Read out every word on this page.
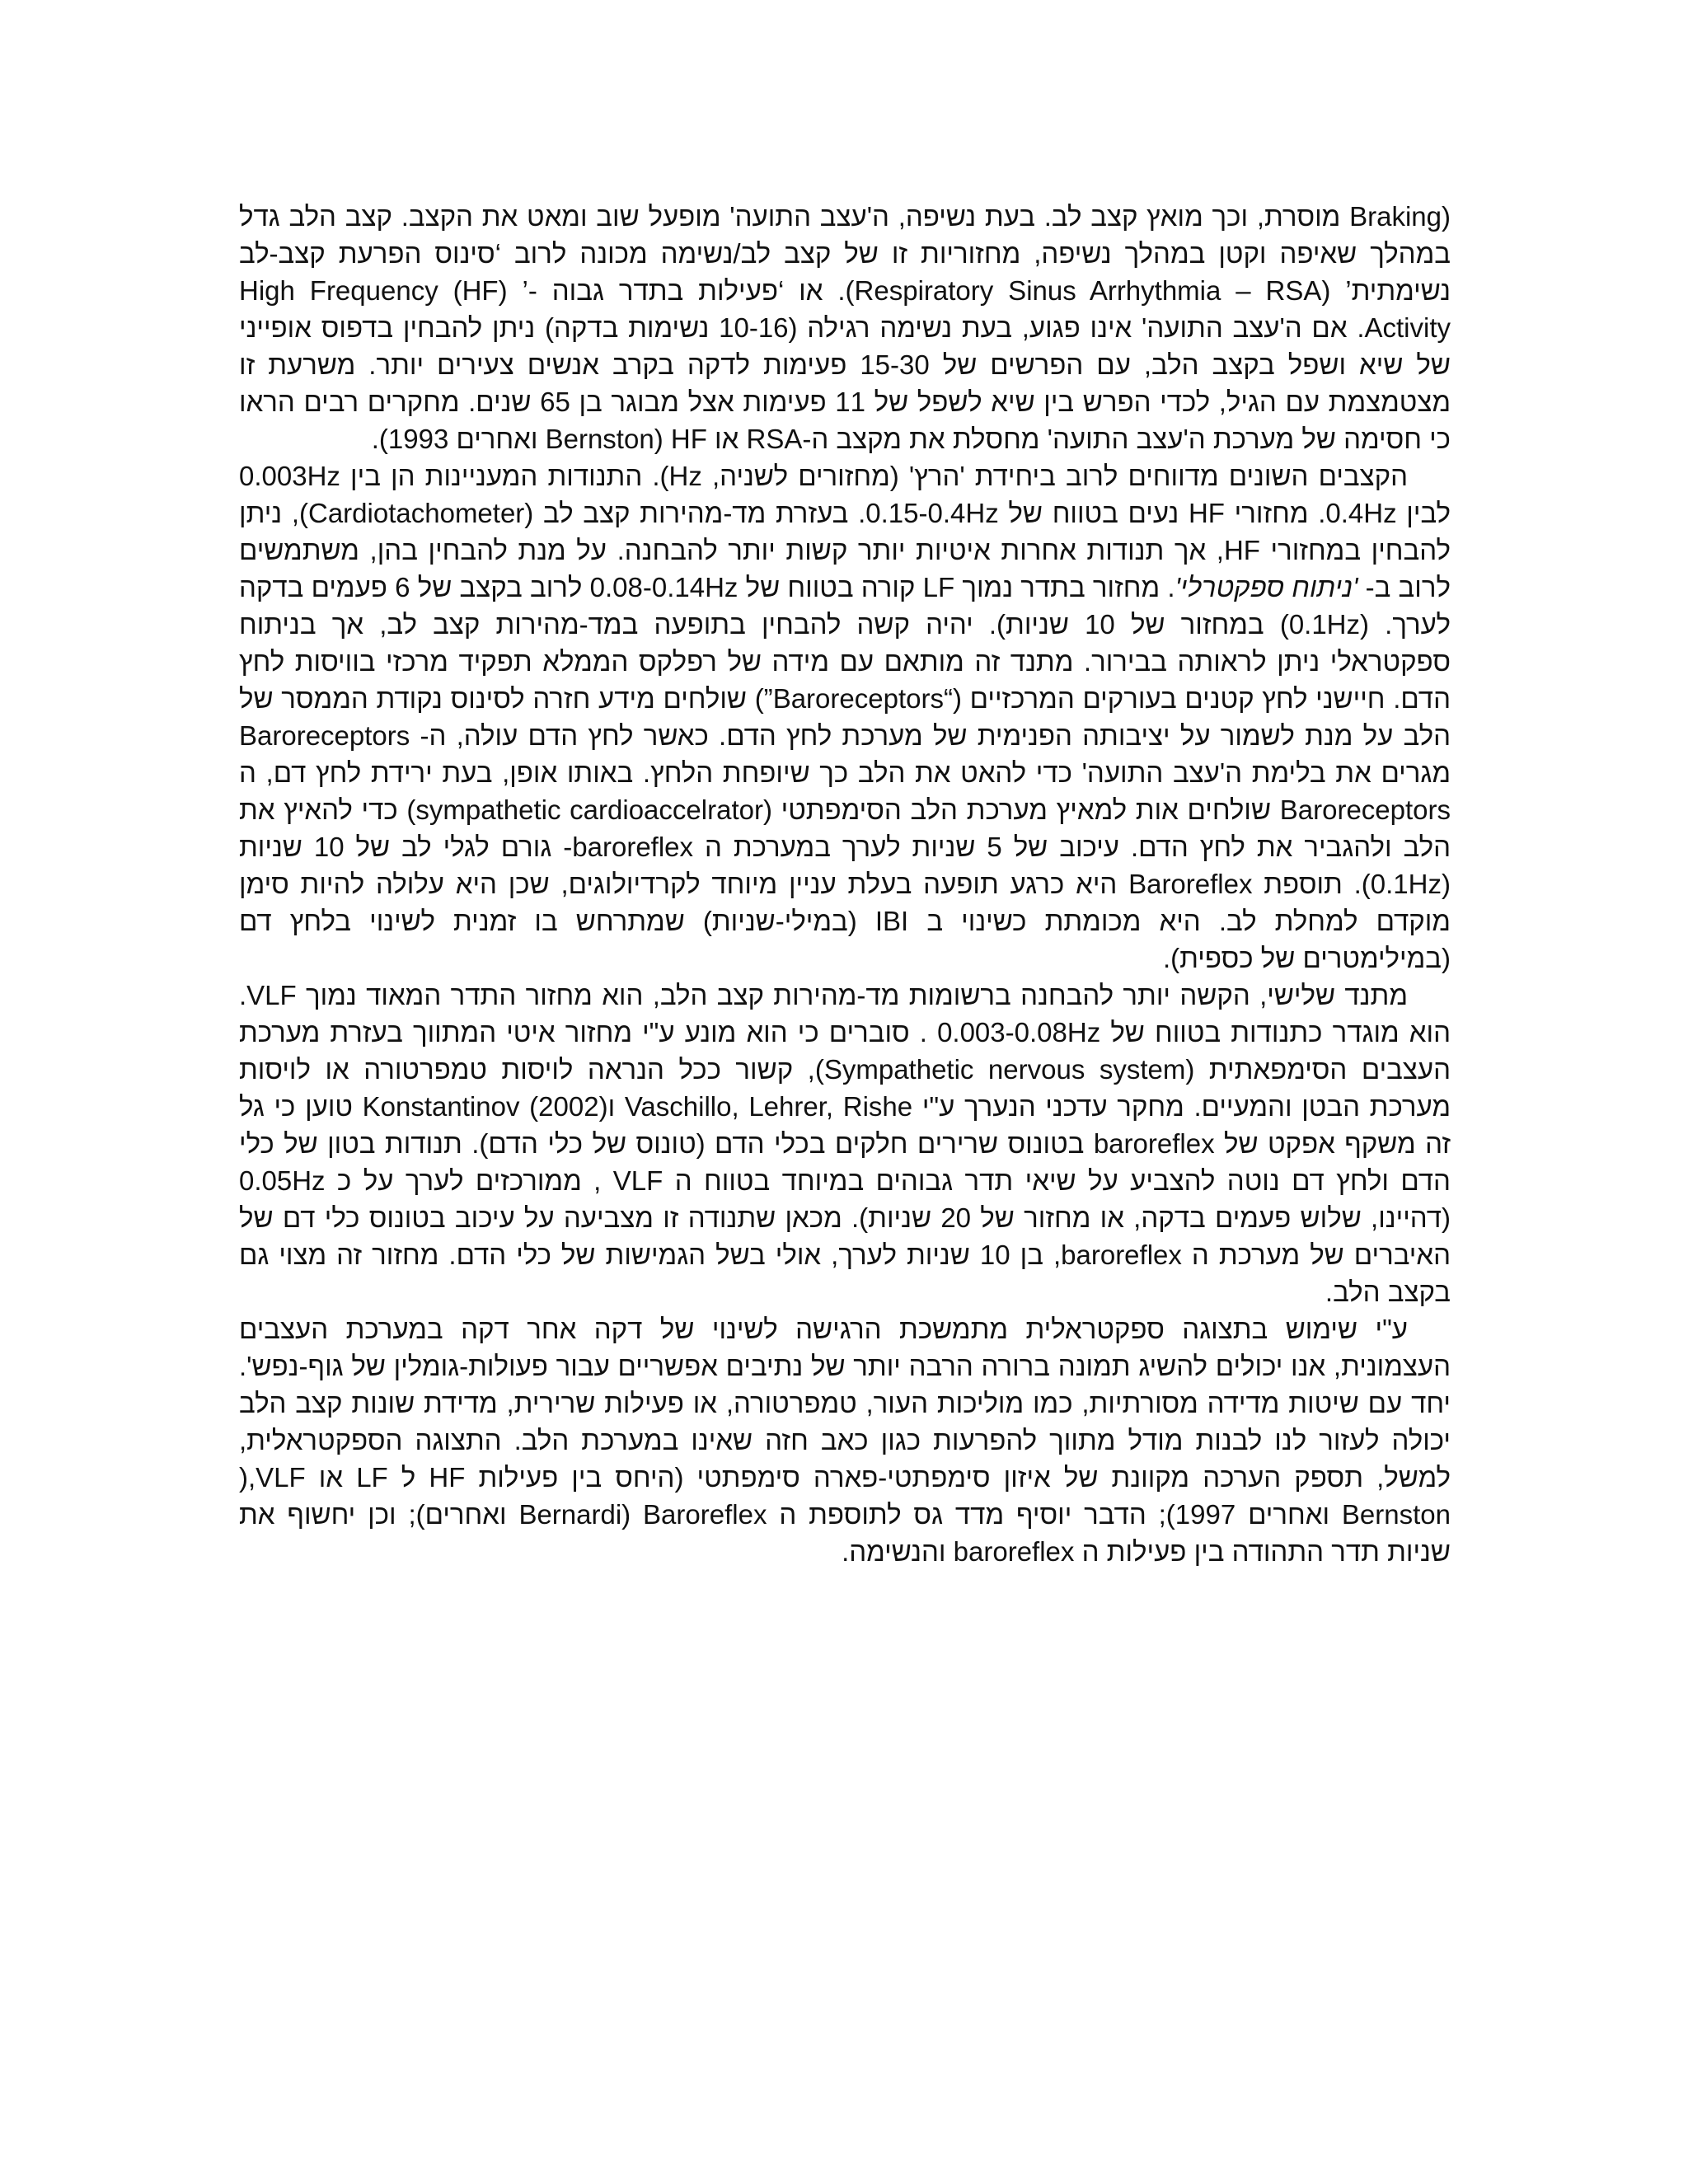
(Braking מוסרת, וכך מואץ קצב לב. בעת נשיפה, ה'עצב התועה' מופעל שוב ומאט את הקצב. קצב הלב גדל במהלך שאיפה וקטן במהלך נשיפה, מחזוריות זו של קצב לב/נשימה מכונה לרוב ‘סינוס הפרעת קצב-לב נשימתית’ (Respiratory Sinus Arrhythmia – RSA). או ‘פעילות בתדר גבוה -’ High Frequency (HF) Activity. אם ה'עצב התועה' אינו פגוע, בעת נשימה רגילה (10-16 נשימות בדקה) ניתן להבחין בדפוס אופייני של שיא ושפל בקצב הלב, עם הפרשים של 15-30 פעימות לדקה בקרב אנשים צעירים יותר. משרעת זו מצטמצמת עם הגיל, לכדי הפרש בין שיא לשפל של 11 פעימות אצל מבוגר בן 65 שנים. מחקרים רבים הראו כי חסימה של מערכת ה'עצב התועה' מחסלת את מקצב ה-RSA או HF (Bernston ואחרים 1993).

הקצבים השונים מדווחים לרוב ביחידת 'הרץ' (מחזורים לשניה, Hz). התנודות המעניינות הן בין 0.003Hz לבין 0.4Hz. מחזורי HF נעים בטווח של 0.15-0.4Hz. בעזרת מד-מהירות קצב לב (Cardiotachometer), ניתן להבחין במחזורי HF, אך תנודות אחרות איטיות יותר קשות יותר להבחנה. על מנת להבחין בהן, משתמשים לרוב ב- 'ניתוח ספקטרלי'. מחזור בתדר נמוך LF קורה בטווח של 0.08-0.14Hz לרוב בקצב של 6 פעמים בדקה לערך. (0.1Hz) במחזור של 10 שניות). יהיה קשה להבחין בתופעה במד-מהירות קצב לב, אך בניתוח ספקטראלי ניתן לראותה בבירור. מתנד זה מותאם עם מידה של רפלקס הממלא תפקיד מרכזי בוויסות לחץ הדם. חיישני לחץ קטנים בעורקים המרכזיים (“Baroreceptors”) שולחים מידע חזרה לסינוס נקודת הממסר של הלב על מנת לשמור על יציבותה הפנימית של מערכת לחץ הדם. כאשר לחץ הדם עולה, ה- Baroreceptors מגרים את בלימת ה'עצב התועה' כדי להאט את הלב כך שיופחת הלחץ. באותו אופן, בעת ירידת לחץ דם, ה Baroreceptors שולחים אות למאיץ מערכת הלב הסימפתטי (sympathetic cardioaccelrator) כדי להאיץ את הלב ולהגביר את לחץ הדם. עיכוב של 5 שניות לערך במערכת ה baroreflex- גורם לגלי לב של 10 שניות (0.1Hz). תוספת Baroreflex היא כרגע תופעה בעלת עניין מיוחד לקרדיולוגים, שכן היא עלולה להיות סימן מוקדם למחלת לב. היא מכומתת כשינוי ב IBI (במילי-שניות) שמתרחש בו זמנית לשינוי בלחץ דם (במילימטרים של כספית).

מתנד שלישי, הקשה יותר להבחנה ברשומות מד-מהירות קצב הלב, הוא מחזור התדר המאוד נמוך VLF. הוא מוגדר כתנודות בטווח של 0.003-0.08Hz . סוברים כי הוא מונע ע"י מחזור איטי המתווך בעזרת מערכת העצבים הסימפאתית (Sympathetic nervous system), קשור ככל הנראה לויסות טמפרטורה או לויסות מערכת הבטן והמעיים. מחקר עדכני הנערך ע"י Vaschillo, Lehrer, Rishe וKonstantinov (2002) טוען כי גל זה משקף אפקט של baroreflex בטונוס שרירים חלקים בכלי הדם (טונוס של כלי הדם). תנודות בטון של כלי הדם ולחץ דם נוטה להצביע על שיאי תדר גבוהים במיוחד בטווח ה VLF , ממורכזים לערך על כ 0.05Hz (דהיינו, שלוש פעמים בדקה, או מחזור של 20 שניות). מכאן שתנודה זו מצביעה על עיכוב בטונוס כלי דם של האיברים של מערכת ה baroreflex, בן 10 שניות לערך, אולי בשל הגמישות של כלי הדם. מחזור זה מצוי גם בקצב הלב.

ע"י שימוש בתצוגה ספקטראלית מתמשכת הרגישה לשינוי של דקה אחר דקה במערכת העצבים העצמונית, אנו יכולים להשיג תמונה ברורה הרבה יותר של נתיבים אפשריים עבור פעולות-גומלין של גוף-נפש'. יחד עם שיטות מדידה מסורתיות, כמו מוליכות העור, טמפרטורה, או פעילות שרירית, מדידת שונות קצב הלב יכולה לעזור לנו לבנות מודל מתווך להפרעות כגון כאב חזה שאינו במערכת הלב. התצוגה הספקטראלית, למשל, תספק הערכה מקוונת של איזון סימפתטי-פארה סימפתטי (היחס בין פעילות HF ל LF או VLF,( Bernston ואחרים 1997); הדבר יוסיף מדד גס לתוספת ה Baroreflex (Bernardi ואחרים); וכן יחשוף את שניות תדר התהודה בין פעילות ה baroreflex והנשימה.
